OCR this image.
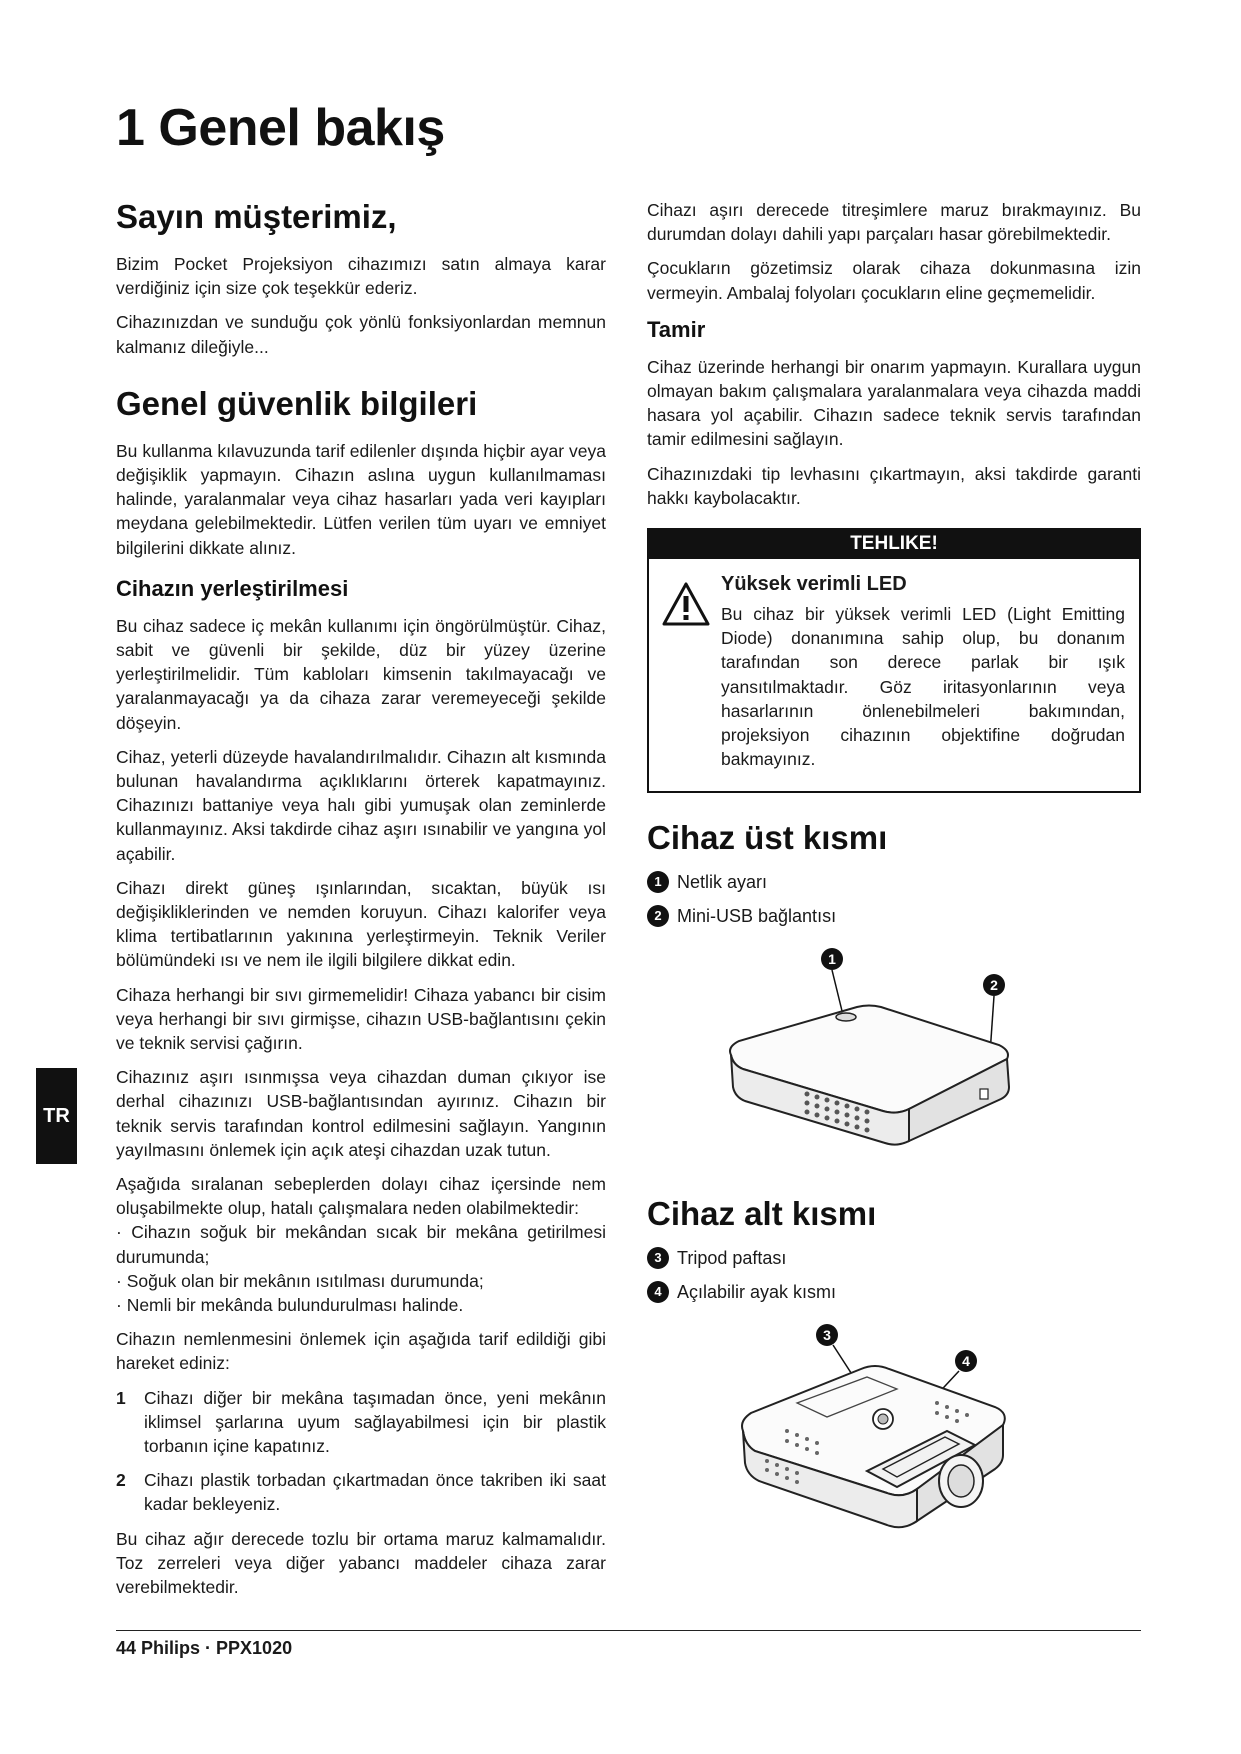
1 Genel bakış
Sayın müşterimiz,

Bizim Pocket Projeksiyon cihazımızı satın almaya karar verdiğiniz için size çok teşekkür ederiz.

Cihazınızdan ve sunduğu çok yönlü fonksiyonlardan memnun kalmanız dileğiyle...

Genel güvenlik bilgileri

Bu kullanma kılavuzunda tarif edilenler dışında hiçbir ayar veya değişiklik yapmayın. Cihazın aslına uygun kullanılmaması halinde, yaralanmalar veya cihaz hasarları yada veri kayıpları meydana gelebilmektedir. Lütfen verilen tüm uyarı ve emniyet bilgilerini dikkate alınız.

Cihazın yerleştirilmesi

Bu cihaz sadece iç mekân kullanımı için öngörülmüştür. Cihaz, sabit ve güvenli bir şekilde, düz bir yüzey üzerine yerleştirilmelidir. Tüm kabloları kimsenin takılmayacağı ve yaralanmayacağı ya da cihaza zarar veremeyeceği şekilde döşeyin.

Cihaz, yeterli düzeyde havalandırılmalıdır. Cihazın alt kısmında bulunan havalandırma açıklıklarını örterek kapatmayınız. Cihazınızı battaniye veya halı gibi yumuşak olan zeminlerde kullanmayınız. Aksi takdirde cihaz aşırı ısınabilir ve yangına yol açabilir.

Cihazı direkt güneş ışınlarından, sıcaktan, büyük ısı değişikliklerinden ve nemden koruyun. Cihazı kalorifer veya klima tertibatlarının yakınına yerleştirmeyin. Teknik Veriler bölümündeki ısı ve nem ile ilgili bilgilere dikkat edin.

Cihaza herhangi bir sıvı girmemelidir! Cihaza yabancı bir cisim veya herhangi bir sıvı girmişse, cihazın USB-bağlantısını çekin ve teknik servisi çağırın.

Cihazınız aşırı ısınmışsa veya cihazdan duman çıkıyor ise derhal cihazınızı USB-bağlantısından ayırınız. Cihazın bir teknik servis tarafından kontrol edilmesini sağlayın. Yangının yayılmasını önlemek için açık ateşi cihazdan uzak tutun.

Aşağıda sıralanan sebeplerden dolayı cihaz içersinde nem oluşabilmekte olup, hatalı çalışmalara neden olabilmektedir:

· Cihazın soğuk bir mekândan sıcak bir mekâna getirilmesi durumunda;

· Soğuk olan bir mekânın ısıtılması durumunda;

· Nemli bir mekânda bulundurulması halinde.

Cihazın nemlenmesini önlemek için aşağıda tarif edildiği gibi hareket ediniz:

1 Cihazı diğer bir mekâna taşımadan önce, yeni mekânın iklimsel şarlarına uyum sağlayabilmesi için bir plastik torbanın içine kapatınız.
2 Cihazı plastik torbadan çıkartmadan önce takriben iki saat kadar bekleyeniz.

Bu cihaz ağır derecede tozlu bir ortama maruz kalmamalıdır. Toz zerreleri veya diğer yabancı maddeler cihaza zarar verebilmektedir.

Cihazı aşırı derecede titreşimlere maruz bırakmayınız. Bu durumdan dolayı dahili yapı parçaları hasar görebilmektedir.

Çocukların gözetimsiz olarak cihaza dokunmasına izin vermeyin. Ambalaj folyoları çocukların eline geçmemelidir.

Tamir

Cihaz üzerinde herhangi bir onarım yapmayın. Kurallara uygun olmayan bakım çalışmalara yaralanmalara veya cihazda maddi hasara yol açabilir. Cihazın sadece teknik servis tarafından tamir edilmesini sağlayın.

Cihazınızdaki tip levhasını çıkartmayın, aksi takdirde garanti hakkı kaybolacaktır.

TEHLIKE!
Yüksek verimli LED

Bu cihaz bir yüksek verimli LED (Light Emitting Diode) donanımına sahip olup, bu donanım tarafından son derece parlak bir ışık yansıtılmaktadır. Göz iritasyonlarının veya hasarlarının önlenebilmeleri bakımından, projeksiyon cihazının objektifine doğrudan bakmayınız.

Cihaz üst kısmı
1 Netlik ayarı
2 Mini-USB bağlantısı
1
2
Cihaz alt kısmı
3 Tripod paftası
4 Açılabilir ayak kısmı
3
4
TR
44 Philips · PPX1020
